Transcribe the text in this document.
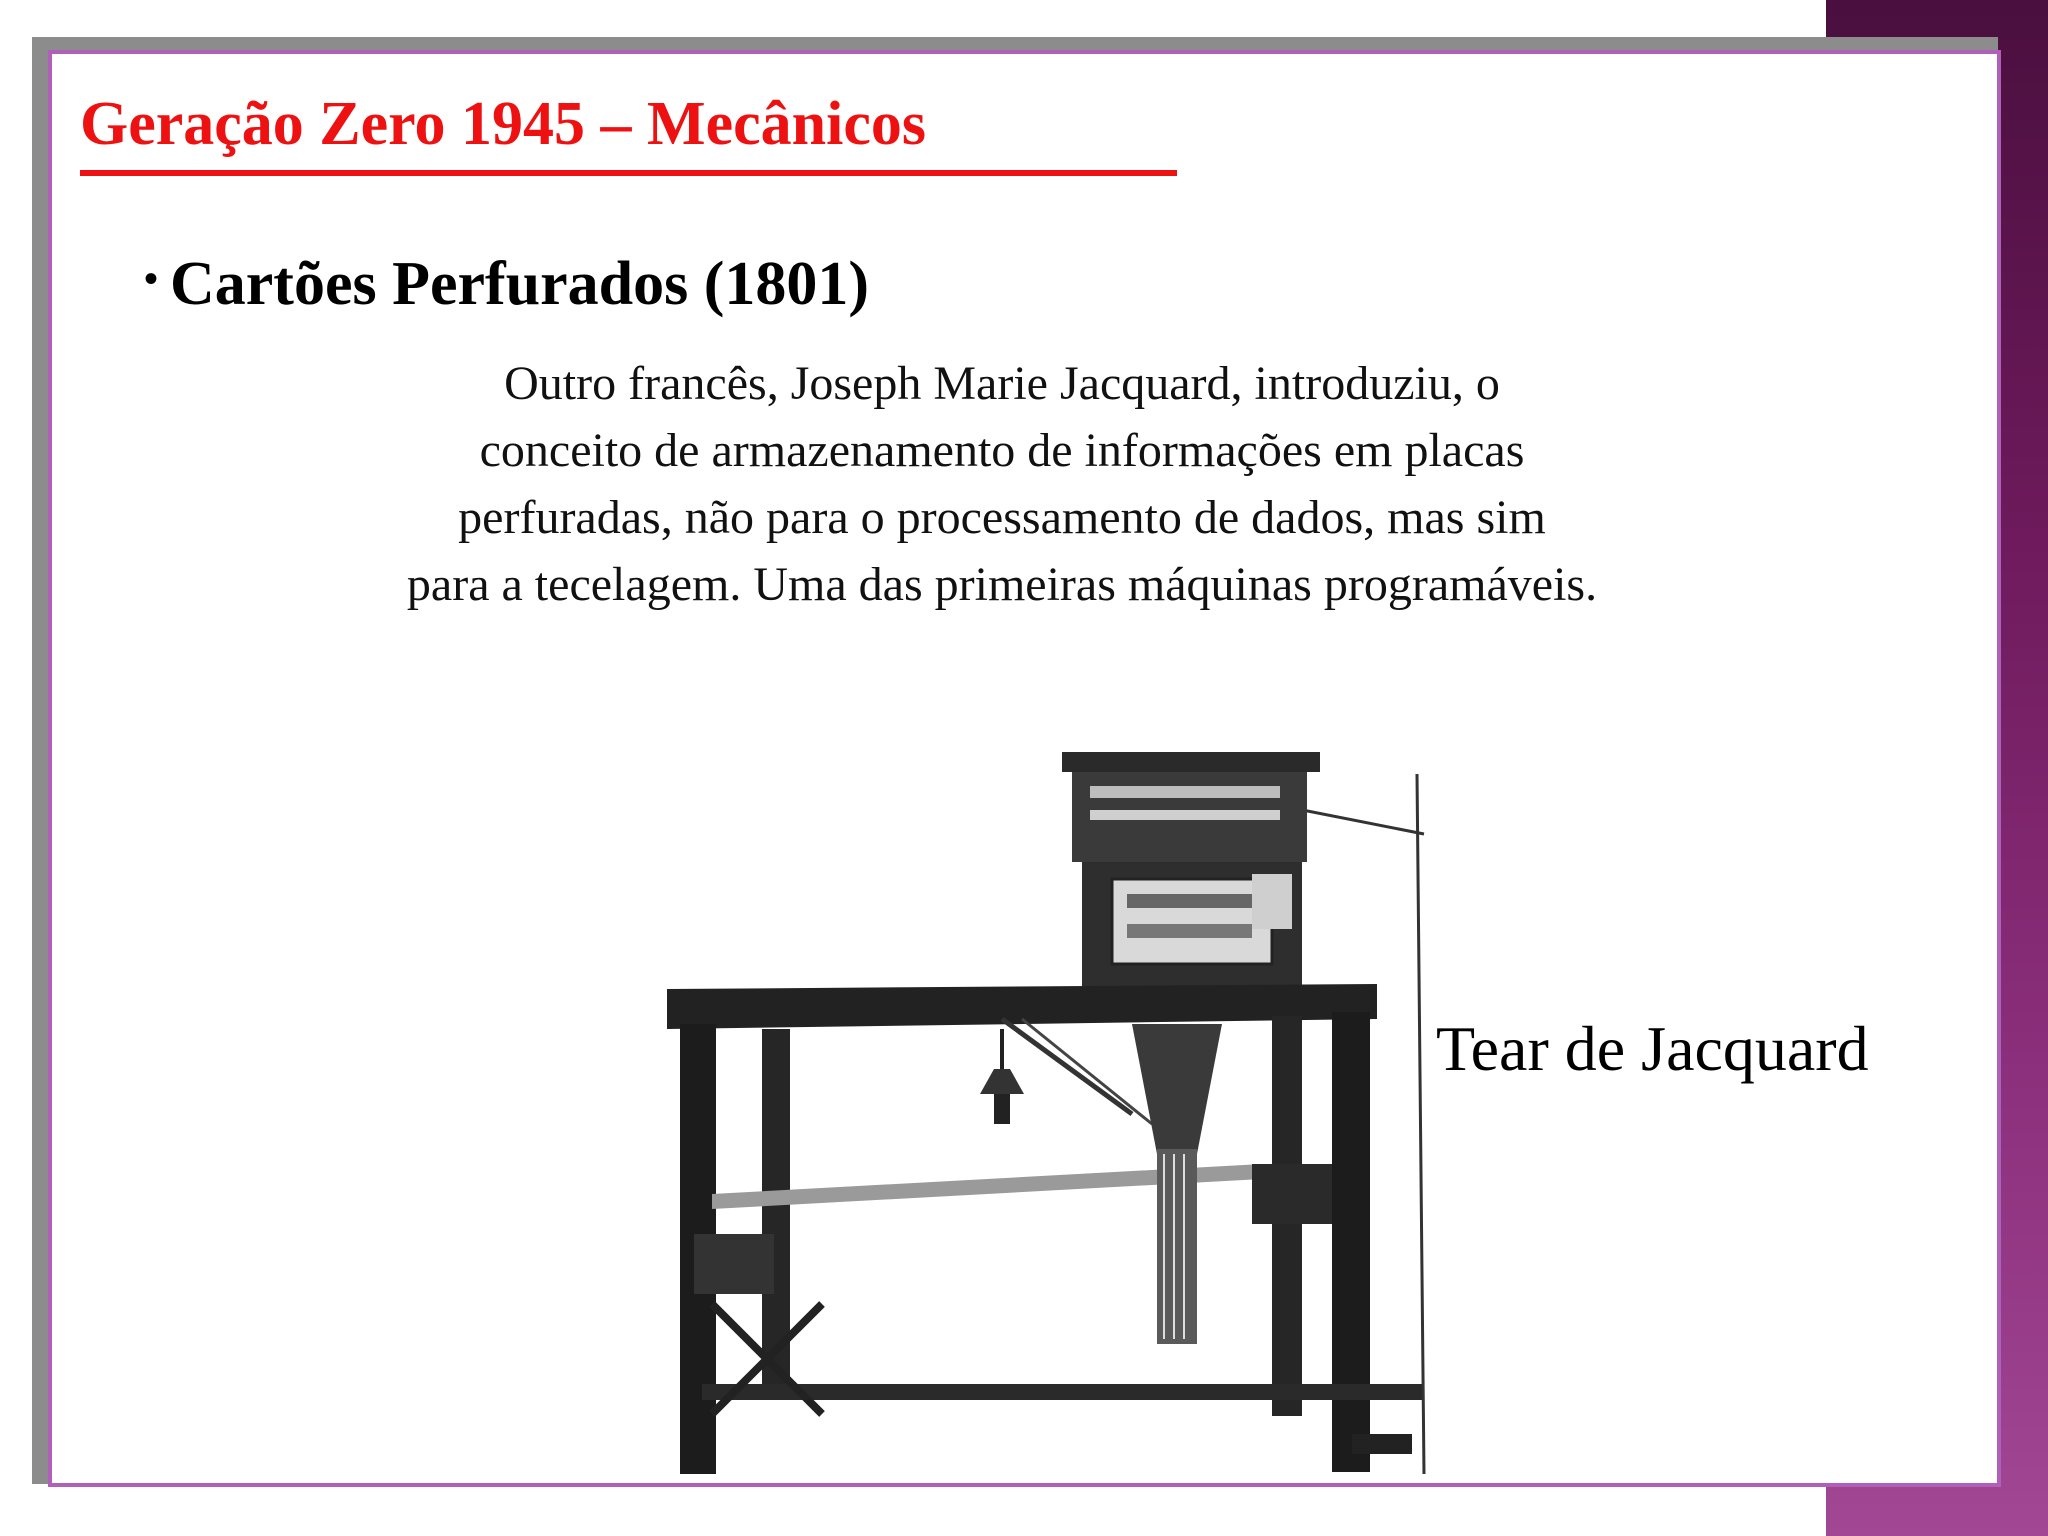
Geração Zero 1945 – Mecânicos
• Cartões Perfurados (1801)
Outro francês, Joseph Marie Jacquard, introduziu, o
conceito de armazenamento de informações em placas
perfuradas, não para o processamento de dados, mas sim
para a tecelagem. Uma das primeiras máquinas programáveis.
Tear de Jacquard
